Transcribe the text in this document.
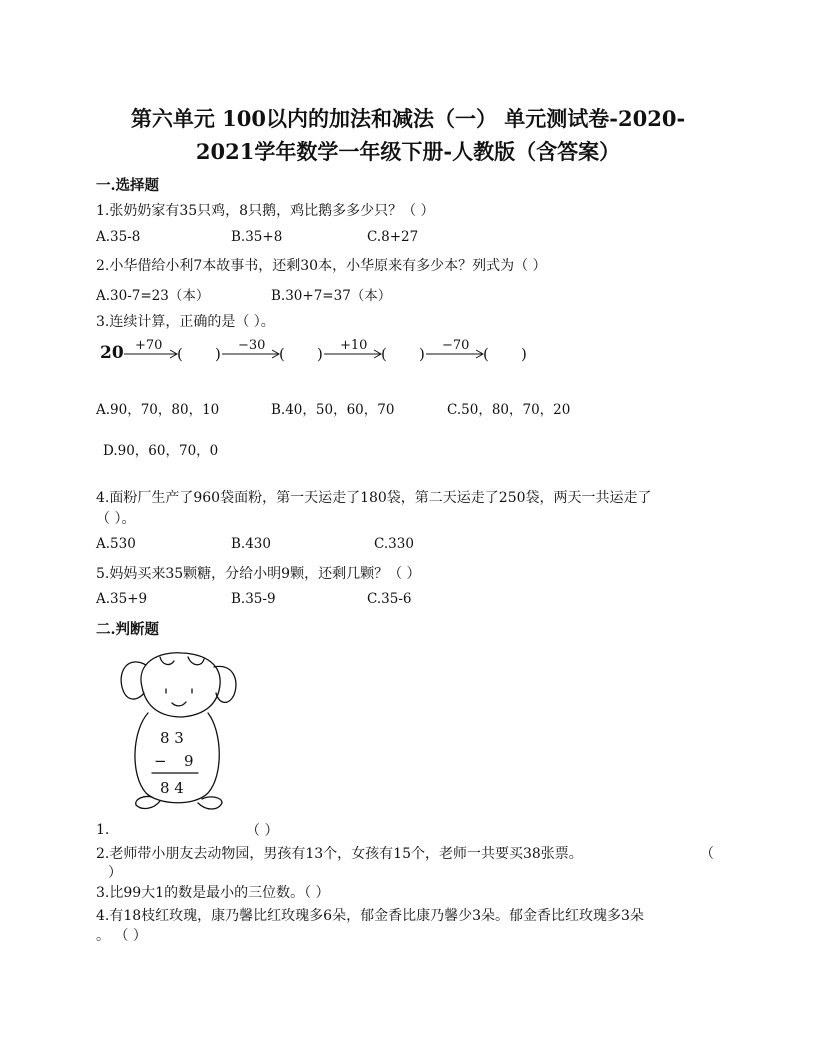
第六单元 100以内的加法和减法（一） 单元测试卷-2020-
2021学年数学一年级下册-人教版（含答案）
一.选择题
1.张奶奶家有35只鸡，8只鹅，鸡比鹅多多少只？（ ）
A.35-8	B.35+8	C.8+27
2.小华借给小利7本故事书，还剩30本，小华原来有多少本？列式为（ ）
A.30-7=23（本）	B.30+7=37（本）
3.连续计算，正确的是（ ）。
20 +70	−30	+10	−70
( )	( )	( )	( )
A.90，70，80，10	B.40，50，60，70	C.50，80，70，20
D.90，60，70，0
4.面粉厂生产了960袋面粉，第一天运走了180袋，第二天运走了250袋，两天一共运走了
（ ）。
A.530	B.430	C.330
5.妈妈买来35颗糖，分给小明9颗，还剩几颗？（ ）
A.35+9	B.35-9	C.35-6
二.判断题
8 3
− 9
8 4
1.	（ ）
2.老师带小朋友去动物园，男孩有13个，女孩有15个，老师一共要买38张票。	（
）
3.比99大1的数是最小的三位数。（ ）
4.有18枝红玫瑰，康乃馨比红玫瑰多6朵，郁金香比康乃馨少3朵。郁金香比红玫瑰多3朵
。 （ ）
